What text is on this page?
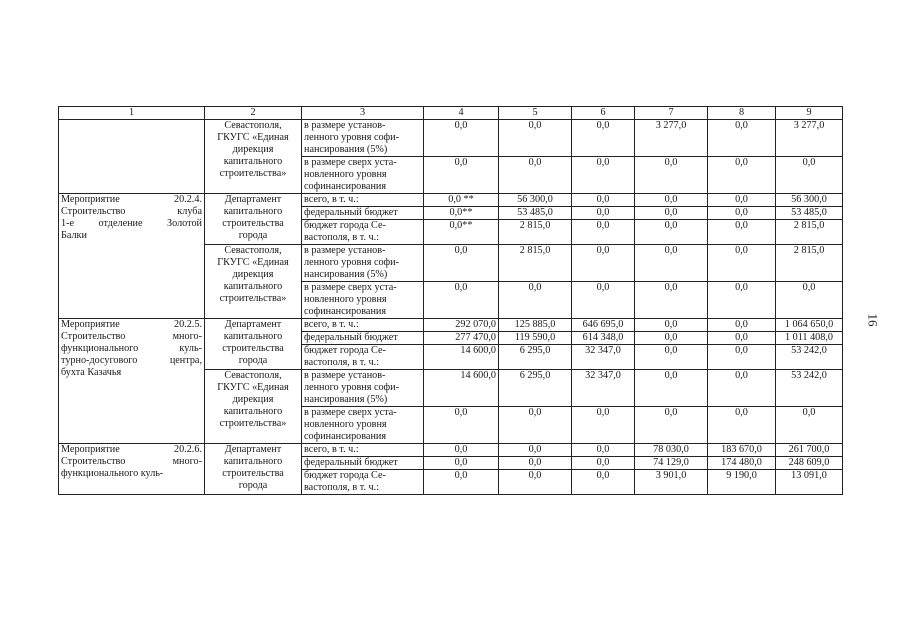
1	2	3	4	5	6	7	8	9

	Севастополя,
ГКУГС «Единая
дирекция
капитального
строительства»	в размере установ-
ленного уровня софи-
нансирования (5%)	0,0	0,0	0,0	3 277,0	0,0	3 277,0

		в размере сверх уста-
новленного уровня
софинансирования	0,0	0,0	0,0	0,0	0,0	0,0

Мероприятие 20.2.4.
Строительство клуба
1-е отделение Золотой
Балки	Департамент
капитального
строительства
города	всего, в т. ч.:	0,0 **	56 300,0	0,0	0,0	0,0	56 300,0

		федеральный бюджет	0,0**	53 485,0	0,0	0,0	0,0	53 485,0

		бюджет города Се-
вастополя, в т. ч.:	0,0**	2 815,0	0,0	0,0	0,0	2 815,0

	Севастополя,
ГКУГС «Единая
дирекция
капитального
строительства»	в размере установ-
ленного уровня софи-
нансирования (5%)	0,0	2 815,0	0,0	0,0	0,0	2 815,0

		в размере сверх уста-
новленного уровня
софинансирования	0,0	0,0	0,0	0,0	0,0	0,0

Мероприятие 20.2.5.
Строительство много-
функционального куль-
турно-досугового центра,
бухта Казачья	Департамент
капитального
строительства
города	всего, в т. ч.:	292 070,0	125 885,0	646 695,0	0,0	0,0	1 064 650,0

		федеральный бюджет	277 470,0	119 590,0	614 348,0	0,0	0,0	1 011 408,0

		бюджет города Се-
вастополя, в т. ч.:	14 600,0	6 295,0	32 347,0	0,0	0,0	53 242,0

	Севастополя,
ГКУГС «Единая
дирекция
капитального
строительства»	в размере установ-
ленного уровня софи-
нансирования (5%)	14 600,0	6 295,0	32 347,0	0,0	0,0	53 242,0

		в размере сверх уста-
новленного уровня
софинансирования	0,0	0,0	0,0	0,0	0,0	0,0

Мероприятие 20.2.6.
Строительство много-
функционального куль-	Департамент
капитального
строительства
города	всего, в т. ч.:	0,0	0,0	0,0	78 030,0	183 670,0	261 700,0

		федеральный бюджет	0,0	0,0	0,0	74 129,0	174 480,0	248 609,0

		бюджет города Се-
вастополя, в т. ч.:	0,0	0,0	0,0	3 901,0	9 190,0	13 091,0
16
